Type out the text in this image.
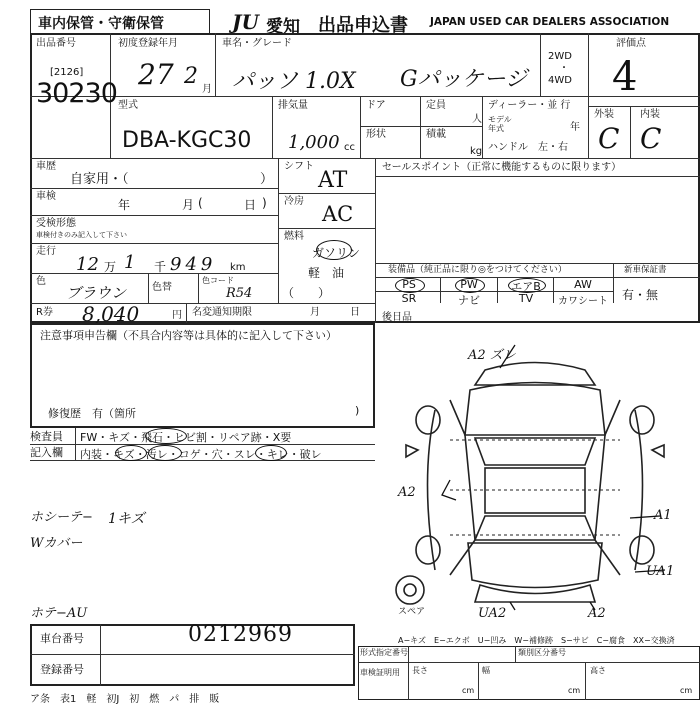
車内保管・守衛保管	JU 愛知 出品申込書 JAPAN USED CAR DEALERS ASSOCIATION
出品番号
[2126]
30230
初度登録年月
27 2
月
車名・グレード
パッソ 1.0X Gパッケージ
2WD
・
4WD
評価点
4
外装	内装
C C
型式
DBA-KGC30
排気量
1,000 cc
ドア	定員
人
形状	積載
kg
ディーラー・並 行
モデル
年式	年
ハンドル　左・右
車歴
自家用・（	）
シフト
AT
車検
年	月 (	日 ) 冷房
AC
受検形態
車検付きのみ記入して下さい	燃料
ガソリン
軽　油
（　　）
走行
12 万 1 千 949 km
色
ブラウン	色替
色コード
R54
セールスポイント（正常に機能するものに限ります）
装備品（純正品に限り◎をつけてください）	新車保証書
有・無
PS	PW	エアB	AW
SR	ナビ	TV	カワシート
R券 8,040	円 名変通知期限	月	日 後日品
注意事項申告欄（不具合内容等は具体的に記入して下さい）
修復歴　有（箇所	)
検査員
記入欄
FW・キズ・飛石・ヒビ割・リペア跡・X要
内装・キズ・汚レ・コゲ・穴・スレ・キレ・破レ
ホシーテ−
Wカバー
1キズ
ホテ−AU
A2 ズレ
A2
A1
UA1
UA2	A2
スペア
A−キズ　E−エクボ　U−凹み　W−補修跡　S−サビ　C−腐食　XX−交換済
車台番号	0212969
登録番号
形式指定番号	類別区分番号
車検証明用 長さ
cm
幅
cm
高さ
cm
ア条　表1　軽　初J　初　燃　パ　排　販
